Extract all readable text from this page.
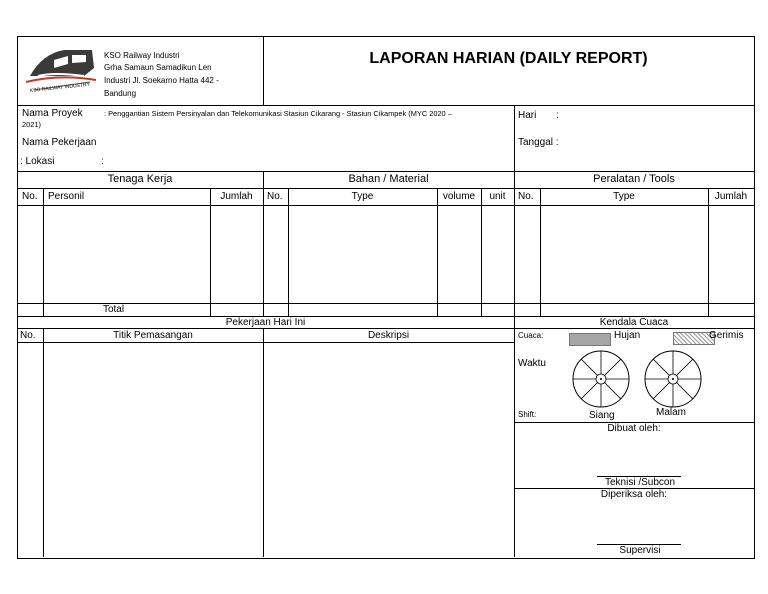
KSO RAILWAY INDUSTRY
KSO Railway Industri
Grha Samaun Samadikun Len
Industri Jl. Soekarno Hatta 442 -
Bandung
LAPORAN HARIAN (DAILY REPORT)
Nama Proyek	: Penggantian Sistem Persinyalan dan Telekomunikasi Stasiun Cikarang - Stasiun Cikampek (MYC 2020 –
2021)
Nama Pekerjaan
: Lokasi	:
Hari :
Tanggal :
Tenaga Kerja	Bahan / Material	Peralatan / Tools
No. Personil	Jumlah	No.	Type	volume	unit	No.	Type	Jumlah
Total
Pekerjaan Hari Ini	Kendala Cuaca
No.	Titik Pemasangan	Deskripsi	Cuaca:	Hujan	Gerimis
Waktu
Shift:	Siang	Malam
Dibuat oleh:
Teknisi /Subcon
Diperiksa oleh:
Supervisi
